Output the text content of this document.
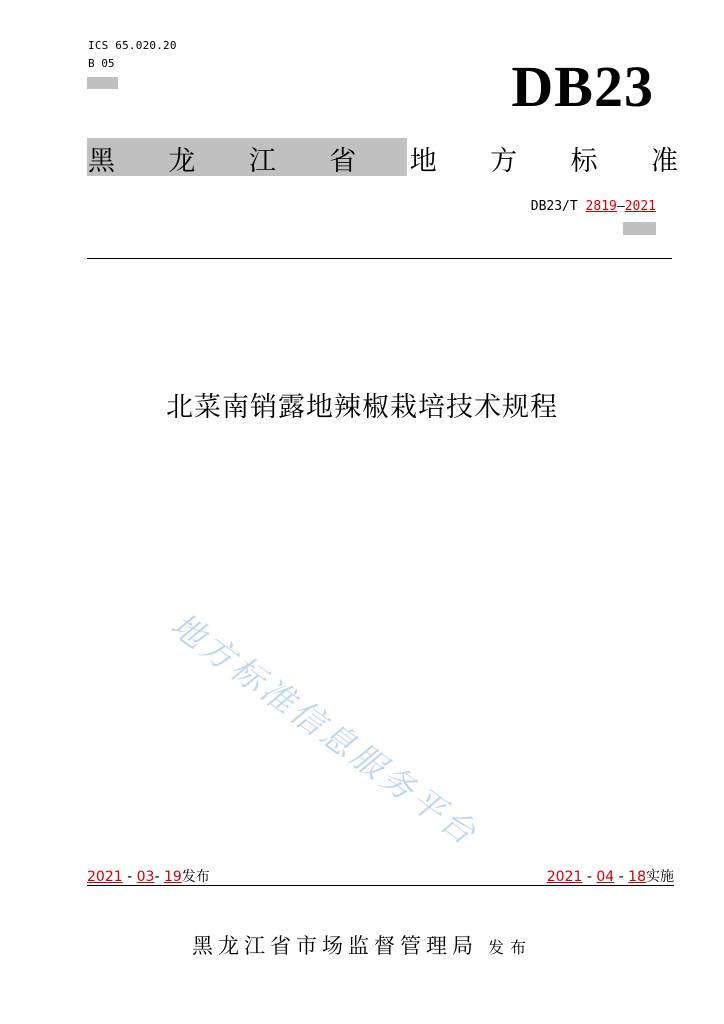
ICS 65.020.20
B 05	DB23
黑 龙 江 省 地 方 标 准
DB23/T 2819—2021
北菜南销露地辣椒栽培技术规程
地方标准信息服务平台
2021 - 03- 19发布	2021 - 04 - 18实施
黑龙江省市场监督管理局 发布
